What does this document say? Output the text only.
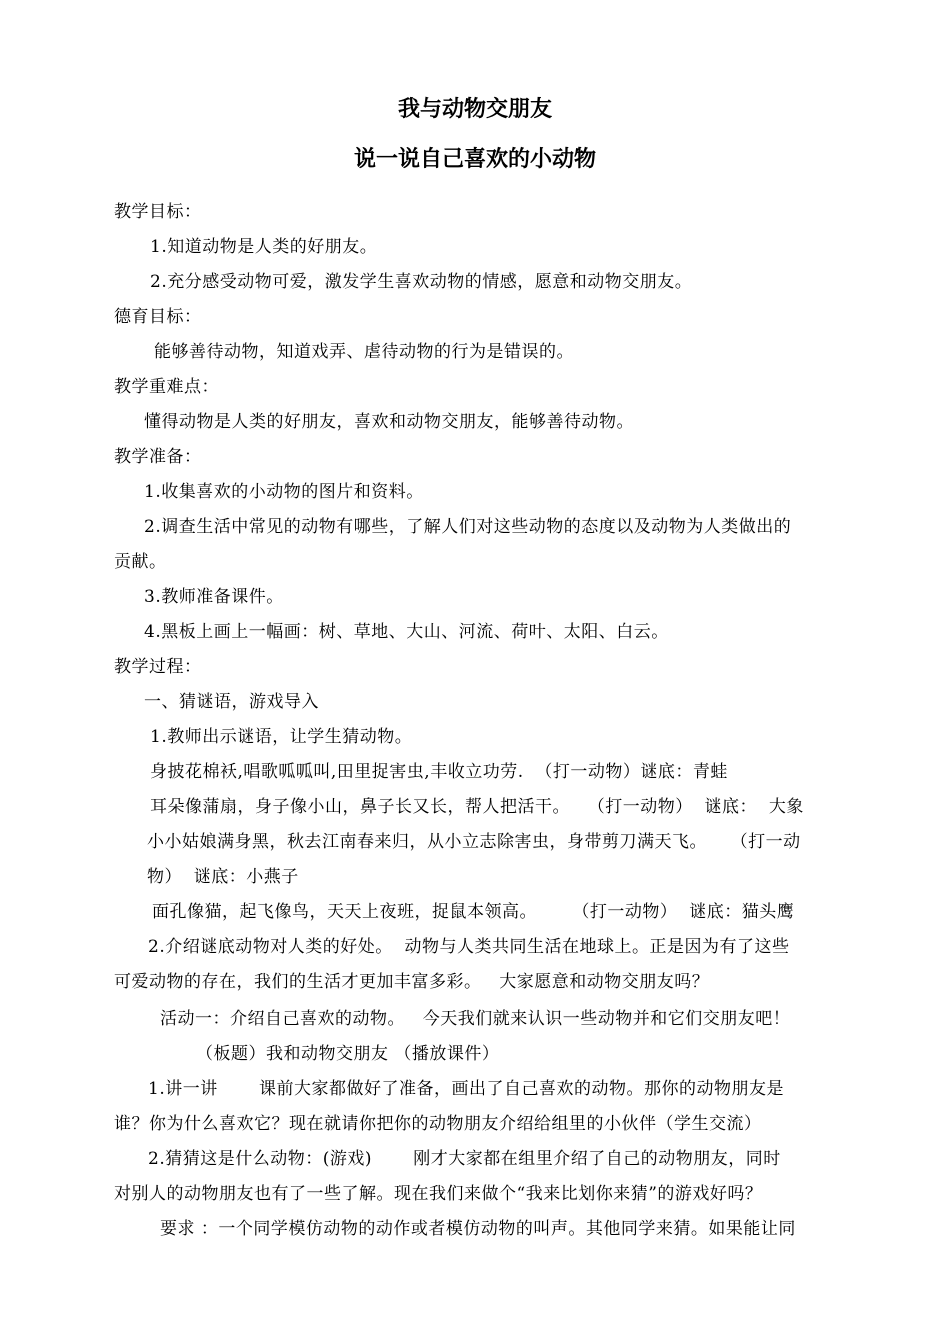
我与动物交朋友
说一说自己喜欢的小动物
教学目标：
1.知道动物是人类的好朋友。
2.充分感受动物可爱，激发学生喜欢动物的情感，愿意和动物交朋友。
德育目标：
能够善待动物，知道戏弄、虐待动物的行为是错误的。
教学重难点：
懂得动物是人类的好朋友，喜欢和动物交朋友，能够善待动物。
教学准备：
1.收集喜欢的小动物的图片和资料。
2.调查生活中常见的动物有哪些，了解人们对这些动物的态度以及动物为人类做出的
贡献。
3.教师准备课件。
4.黑板上画上一幅画：树、草地、大山、河流、荷叶、太阳、白云。
教学过程：
一、猜谜语，游戏导入
1.教师出示谜语，让学生猜动物。
身披花棉袄,唱歌呱呱叫,田里捉害虫,丰收立功劳.  （打一动物）谜底：青蛙
耳朵像蒲扇，身子像小山，鼻子长又长，帮人把活干。   （打一动物）  谜底：  大象
小小姑娘满身黑，秋去江南春来归，从小立志除害虫，身带剪刀满天飞。    （打一动
物）  谜底：小燕子
面孔像猫，起飞像鸟，天天上夜班，捉鼠本领高。      （打一动物）  谜底：猫头鹰
2.介绍谜底动物对人类的好处。  动物与人类共同生活在地球上。正是因为有了这些
可爱动物的存在，我们的生活才更加丰富多彩。   大家愿意和动物交朋友吗？
活动一：介绍自己喜欢的动物。   今天我们就来认识一些动物并和它们交朋友吧！
（板题）我和动物交朋友 （播放课件）
1.讲一讲       课前大家都做好了准备，画出了自己喜欢的动物。那你的动物朋友是
谁？你为什么喜欢它？现在就请你把你的动物朋友介绍给组里的小伙伴（学生交流）
2.猜猜这是什么动物：(游戏)       刚才大家都在组里介绍了自己的动物朋友，同时
对别人的动物朋友也有了一些了解。现在我们来做个“我来比划你来猜”的游戏好吗？
要求 ：一个同学模仿动物的动作或者模仿动物的叫声。其他同学来猜。如果能让同
